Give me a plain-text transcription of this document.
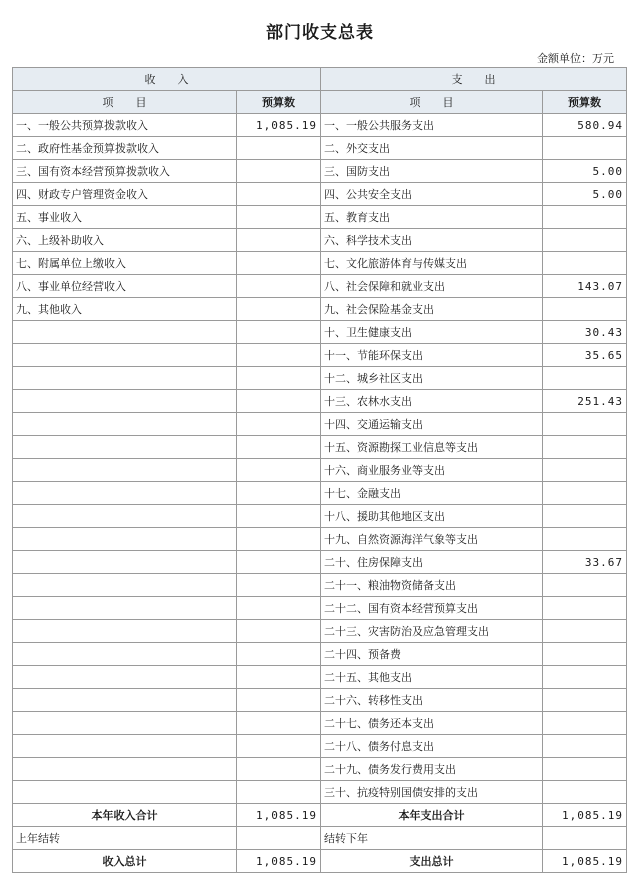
部门收支总表
金额单位：万元
收　　入		支　　出	
项　　目	预算数	项　　目	预算数
一、一般公共预算拨款收入	1,085.19	一、一般公共服务支出	580.94
二、政府性基金预算拨款收入		二、外交支出	
三、国有资本经营预算拨款收入		三、国防支出	5.00
四、财政专户管理资金收入		四、公共安全支出	5.00
五、事业收入		五、教育支出	
六、上级补助收入		六、科学技术支出	
七、附属单位上缴收入		七、文化旅游体育与传媒支出	
八、事业单位经营收入		八、社会保障和就业支出	143.07
九、其他收入		九、社会保险基金支出	
		十、卫生健康支出	30.43
		十一、节能环保支出	35.65
		十二、城乡社区支出	
		十三、农林水支出	251.43
		十四、交通运输支出	
		十五、资源勘探工业信息等支出	
		十六、商业服务业等支出	
		十七、金融支出	
		十八、援助其他地区支出	
		十九、自然资源海洋气象等支出	
		二十、住房保障支出	33.67
		二十一、粮油物资储备支出	
		二十二、国有资本经营预算支出	
		二十三、灾害防治及应急管理支出	
		二十四、预备费	
		二十五、其他支出	
		二十六、转移性支出	
		二十七、债务还本支出	
		二十八、债务付息支出	
		二十九、债务发行费用支出	
		三十、抗疫特别国债安排的支出	
本年收入合计	1,085.19	本年支出合计	1,085.19
上年结转		结转下年	
收入总计	1,085.19	支出总计	1,085.19
